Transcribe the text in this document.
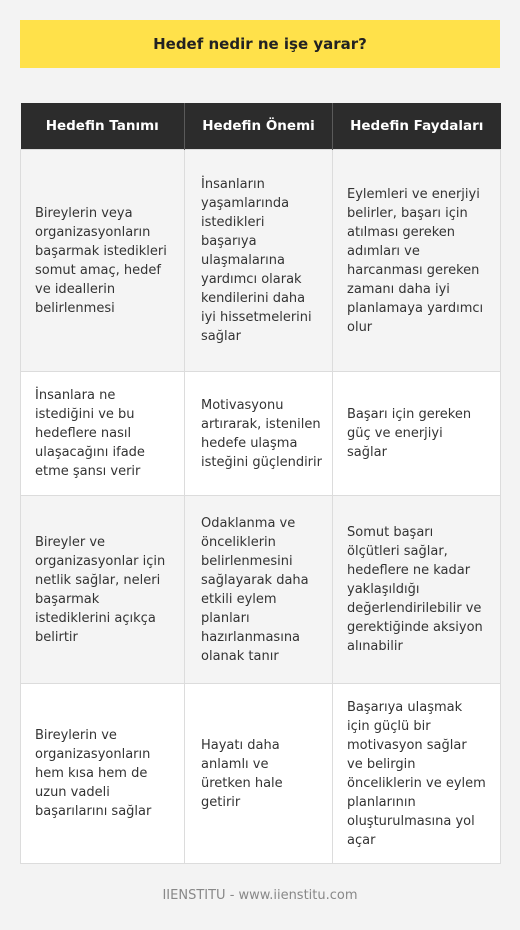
Hedef nedir ne işe yarar?
Hedefin Tanımı	Hedefin Önemi	Hedefin Faydaları
Bireylerin veya organizasyonların başarmak istedikleri somut amaç, hedef ve ideallerin belirlenmesi	İnsanların yaşamlarında istedikleri başarıya ulaşmalarına yardımcı olarak kendilerini daha iyi hissetmelerini sağlar	Eylemleri ve enerjiyi belirler, başarı için atılması gereken adımları ve harcanması gereken zamanı daha iyi planlamaya yardımcı olur
İnsanlara ne istediğini ve bu hedeflere nasıl ulaşacağını ifade etme şansı verir	Motivasyonu artırarak, istenilen hedefe ulaşma isteğini güçlendirir	Başarı için gereken güç ve enerjiyi sağlar
Bireyler ve organizasyonlar için netlik sağlar, neleri başarmak istediklerini açıkça belirtir	Odaklanma ve önceliklerin belirlenmesini sağlayarak daha etkili eylem planları hazırlanmasına olanak tanır	Somut başarı ölçütleri sağlar, hedeflere ne kadar yaklaşıldığı değerlendirilebilir ve gerektiğinde aksiyon alınabilir
Bireylerin ve organizasyonların hem kısa hem de uzun vadeli başarılarını sağlar	Hayatı daha anlamlı ve üretken hale getirir	Başarıya ulaşmak için güçlü bir motivasyon sağlar ve belirgin önceliklerin ve eylem planlarının oluşturulmasına yol açar
IIENSTITU - www.iienstitu.com
